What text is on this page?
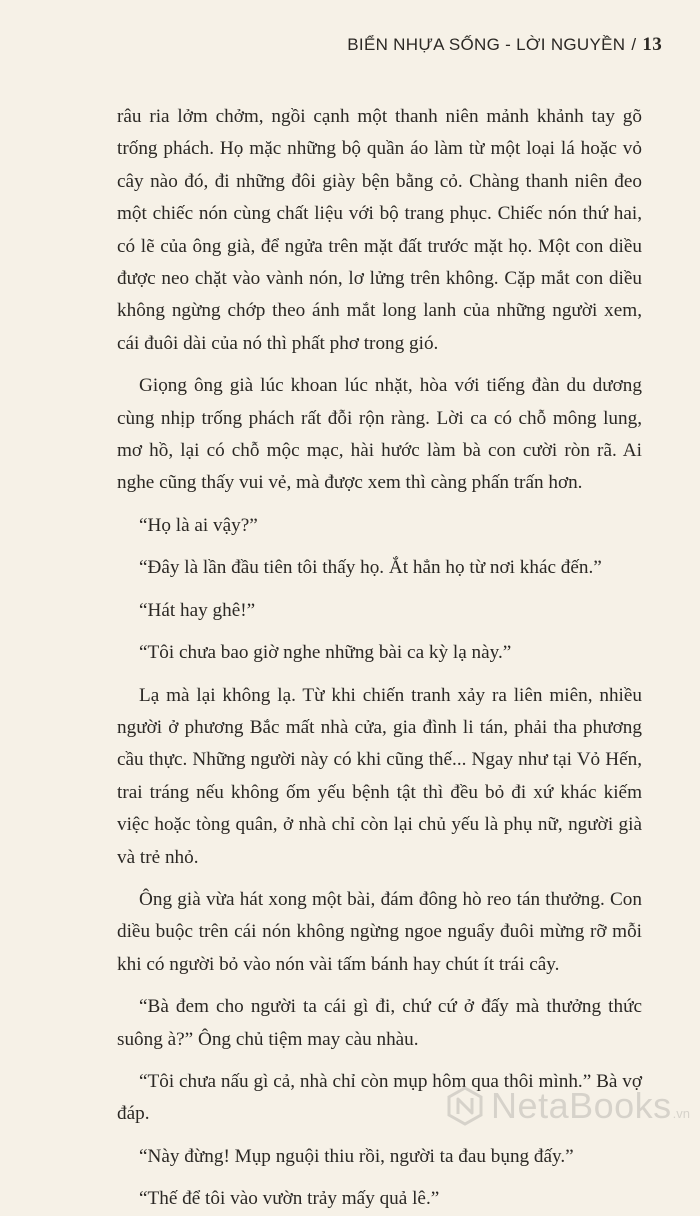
BIỂN NHỰA SỐNG - LỜI NGUYỀN / 13

râu ria lởm chởm, ngồi cạnh một thanh niên mảnh khảnh tay gõ trống phách. Họ mặc những bộ quần áo làm từ một loại lá hoặc vỏ cây nào đó, đi những đôi giày bện bằng cỏ. Chàng thanh niên đeo một chiếc nón cùng chất liệu với bộ trang phục. Chiếc nón thứ hai, có lẽ của ông già, để ngửa trên mặt đất trước mặt họ. Một con diều được neo chặt vào vành nón, lơ lửng trên không. Cặp mắt con diều không ngừng chớp theo ánh mắt long lanh của những người xem, cái đuôi dài của nó thì phất phơ trong gió.

Giọng ông già lúc khoan lúc nhặt, hòa với tiếng đàn du dương cùng nhịp trống phách rất đỗi rộn ràng. Lời ca có chỗ mông lung, mơ hồ, lại có chỗ mộc mạc, hài hước làm bà con cười ròn rã. Ai nghe cũng thấy vui vẻ, mà được xem thì càng phấn trấn hơn.

“Họ là ai vậy?”

“Đây là lần đầu tiên tôi thấy họ. Ắt hẳn họ từ nơi khác đến.”

“Hát hay ghê!”

“Tôi chưa bao giờ nghe những bài ca kỳ lạ này.”

Lạ mà lại không lạ. Từ khi chiến tranh xảy ra liên miên, nhiều người ở phương Bắc mất nhà cửa, gia đình li tán, phải tha phương cầu thực. Những người này có khi cũng thế... Ngay như tại Vỏ Hến, trai tráng nếu không ốm yếu bệnh tật thì đều bỏ đi xứ khác kiếm việc hoặc tòng quân, ở nhà chỉ còn lại chủ yếu là phụ nữ, người già và trẻ nhỏ.

Ông già vừa hát xong một bài, đám đông hò reo tán thưởng. Con diều buộc trên cái nón không ngừng ngoe nguẩy đuôi mừng rỡ mỗi khi có người bỏ vào nón vài tấm bánh hay chút ít trái cây.

“Bà đem cho người ta cái gì đi, chứ cứ ở đấy mà thưởng thức suông à?” Ông chủ tiệm may càu nhàu.

“Tôi chưa nấu gì cả, nhà chỉ còn mụp hôm qua thôi mình.” Bà vợ đáp.

“Này đừng! Mụp nguội thiu rồi, người ta đau bụng đấy.”

“Thế để tôi vào vườn trảy mấy quả lê.”

NetaBooks .vn
